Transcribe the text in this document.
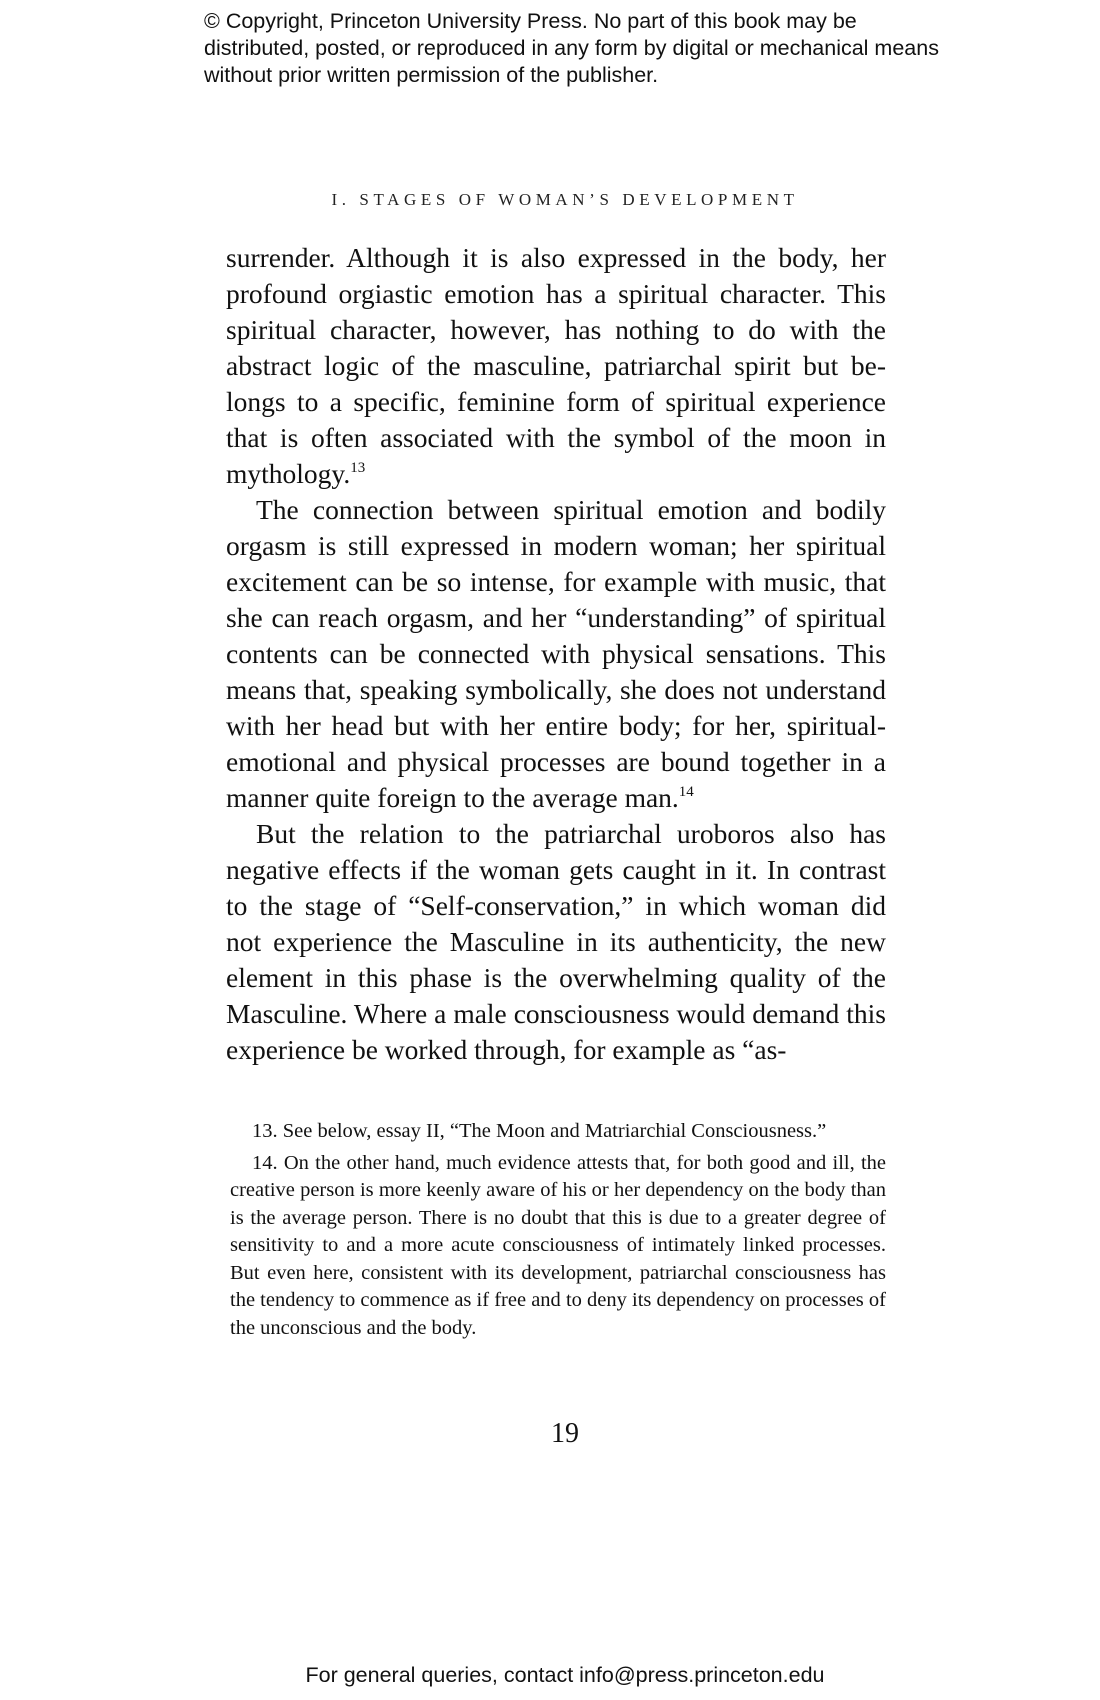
© Copyright, Princeton University Press. No part of this book may be distributed, posted, or reproduced in any form by digital or mechanical means without prior written permission of the publisher.

I. STAGES OF WOMAN’S DEVELOPMENT

surrender. Although it is also expressed in the body, her profound orgiastic emotion has a spiritual character. This spiritual character, however, has nothing to do with the abstract logic of the masculine, patriarchal spirit but belongs to a specific, feminine form of spiritual experience that is often associated with the symbol of the moon in mythology.$^{13}$

The connection between spiritual emotion and bodily orgasm is still expressed in modern woman; her spiritual excitement can be so intense, for example with music, that she can reach orgasm, and her “understanding” of spiritual contents can be connected with physical sensations. This means that, speaking symbolically, she does not understand with her head but with her entire body; for her, spiritual-emotional and physical processes are bound together in a manner quite foreign to the average man.$^{14}$

But the relation to the patriarchal uroboros also has negative effects if the woman gets caught in it. In contrast to the stage of “Self-conservation,” in which woman did not experience the Masculine in its authenticity, the new element in this phase is the overwhelming quality of the Masculine. Where a male consciousness would demand this experience be worked through, for example as “as-

13. See below, essay II, “The Moon and Matriarchial Consciousness.”

14. On the other hand, much evidence attests that, for both good and ill, the creative person is more keenly aware of his or her dependency on the body than is the average person. There is no doubt that this is due to a greater degree of sensitivity to and a more acute consciousness of intimately linked processes. But even here, consistent with its development, patriarchal consciousness has the tendency to commence as if free and to deny its dependency on processes of the unconscious and the body.

19

For general queries, contact info@press.princeton.edu
